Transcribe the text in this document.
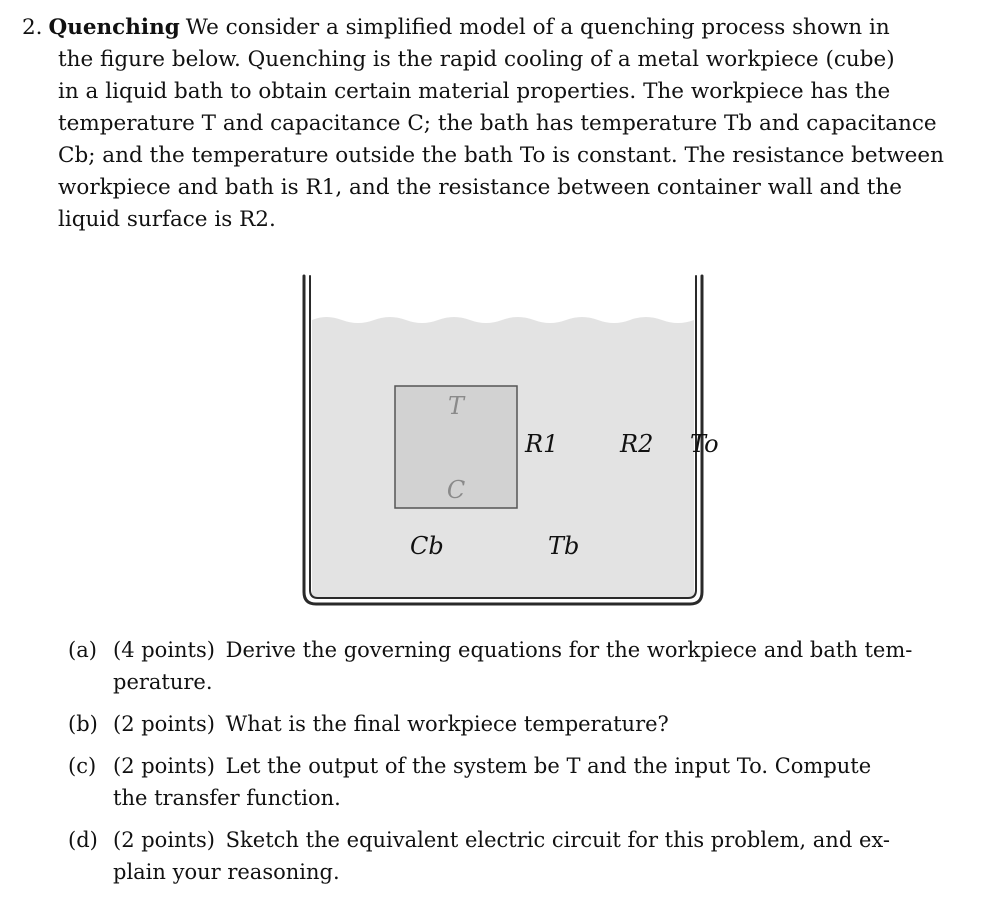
2. Quenching We consider a simplified model of a quenching process shown in
the figure below. Quenching is the rapid cooling of a metal workpiece (cube)
in a liquid bath to obtain certain material properties. The workpiece has the
temperature T and capacitance C; the bath has temperature Tb and capacitance
Cb; and the temperature outside the bath To is constant. The resistance between
workpiece and bath is R1, and the resistance between container wall and the
liquid surface is R2.
T
C
R1	R2 To
Cb	Tb
(a) (4 points) Derive the governing equations for the workpiece and bath tem-
perature.
(b) (2 points) What is the final workpiece temperature?
(c) (2 points) Let the output of the system be T and the input To. Compute
the transfer function.
(d) (2 points) Sketch the equivalent electric circuit for this problem, and ex-
plain your reasoning.
